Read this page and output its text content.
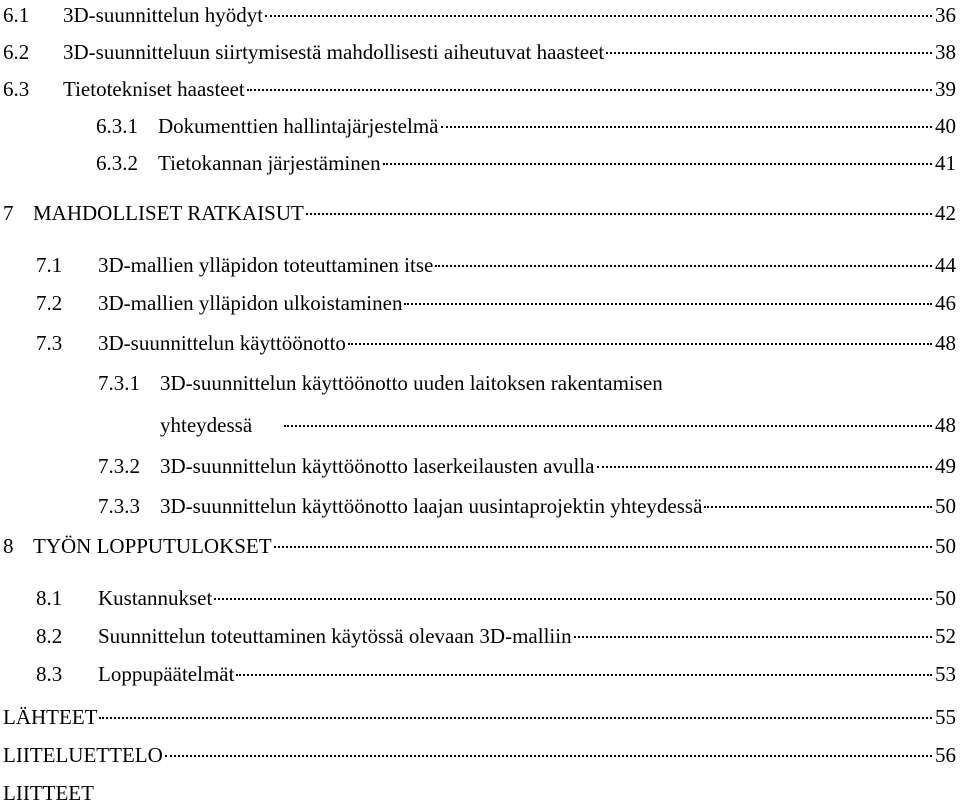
6.1	3D-suunnittelun hyödyt	36
6.2	3D-suunnitteluun siirtymisestä mahdollisesti aiheutuvat haasteet	38
6.3	Tietotekniset haasteet	39
6.3.1 Dokumenttien hallintajärjestelmä	40
6.3.2 Tietokannan järjestäminen	41
7 MAHDOLLISET RATKAISUT	42
7.1	3D-mallien ylläpidon toteuttaminen itse	44
7.2	3D-mallien ylläpidon ulkoistaminen	46
7.3	3D-suunnittelun käyttöönotto	48
7.3.1 3D-suunnittelun käyttöönotto uuden laitoksen rakentamisen
yhteydessä	48
7.3.2 3D-suunnittelun käyttöönotto laserkeilausten avulla	49
7.3.3 3D-suunnittelun käyttöönotto laajan uusintaprojektin yhteydessä	50
8 TYÖN LOPPUTULOKSET	50
8.1	Kustannukset	50
8.2	Suunnittelun toteuttaminen käytössä olevaan 3D-malliin	52
8.3	Loppupäätelmät	53
LÄHTEET	55
LIITELUETTELO	56
LIITTEET
